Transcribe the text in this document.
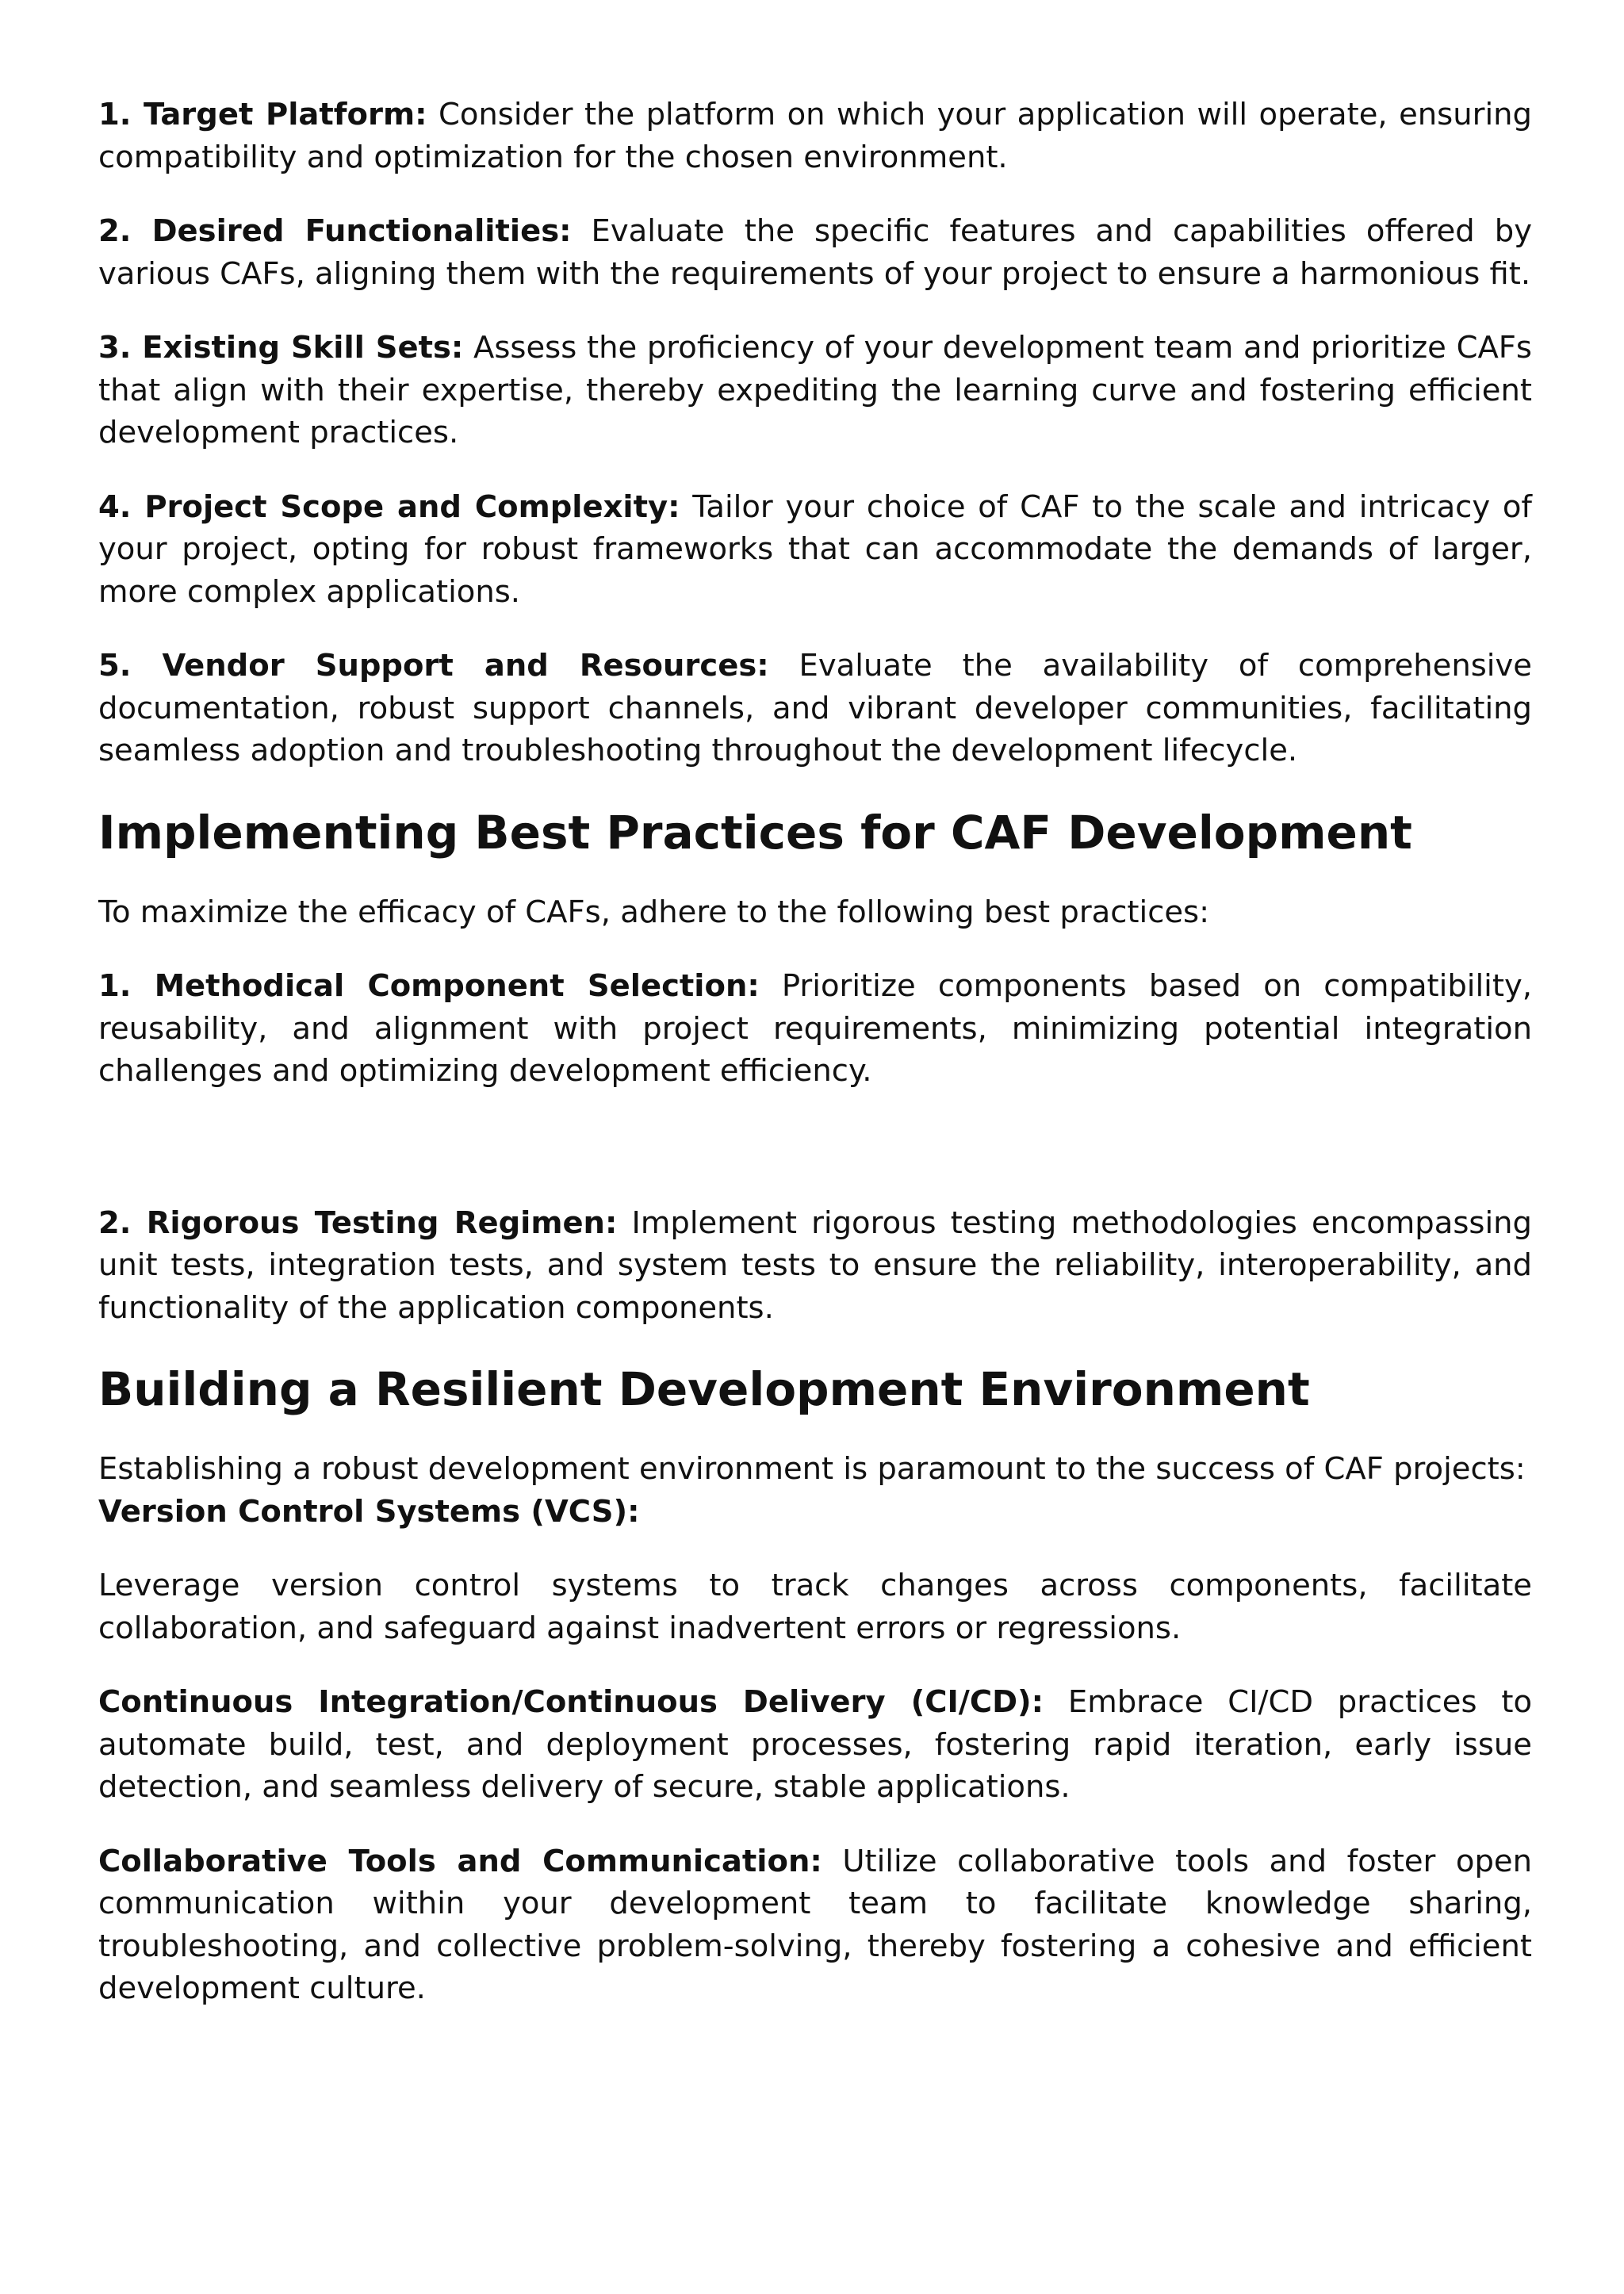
1. Target Platform: Consider the platform on which your application will operate, ensuring compatibility and optimization for the chosen environment.

2. Desired Functionalities: Evaluate the specific features and capabilities offered by various CAFs, aligning them with the requirements of your project to ensure a harmonious fit.

3. Existing Skill Sets: Assess the proficiency of your development team and prioritize CAFs that align with their expertise, thereby expediting the learning curve and fostering efficient development practices.

4. Project Scope and Complexity: Tailor your choice of CAF to the scale and intricacy of your project, opting for robust frameworks that can accommodate the demands of larger, more complex applications.

5. Vendor Support and Resources: Evaluate the availability of comprehensive documentation, robust support channels, and vibrant developer communities, facilitating seamless adoption and troubleshooting throughout the development lifecycle.

Implementing Best Practices for CAF Development

To maximize the efficacy of CAFs, adhere to the following best practices:

1. Methodical Component Selection: Prioritize components based on compatibility, reusability, and alignment with project requirements, minimizing potential integration challenges and optimizing development efficiency.

2. Rigorous Testing Regimen: Implement rigorous testing methodologies encompassing unit tests, integration tests, and system tests to ensure the reliability, interoperability, and functionality of the application components.

Building a Resilient Development Environment

Establishing a robust development environment is paramount to the success of CAF projects:

Version Control Systems (VCS):

Leverage version control systems to track changes across components, facilitate collaboration, and safeguard against inadvertent errors or regressions.

Continuous Integration/Continuous Delivery (CI/CD): Embrace CI/CD practices to automate build, test, and deployment processes, fostering rapid iteration, early issue detection, and seamless delivery of secure, stable applications.

Collaborative Tools and Communication: Utilize collaborative tools and foster open communication within your development team to facilitate knowledge sharing, troubleshooting, and collective problem-solving, thereby fostering a cohesive and efficient development culture.
